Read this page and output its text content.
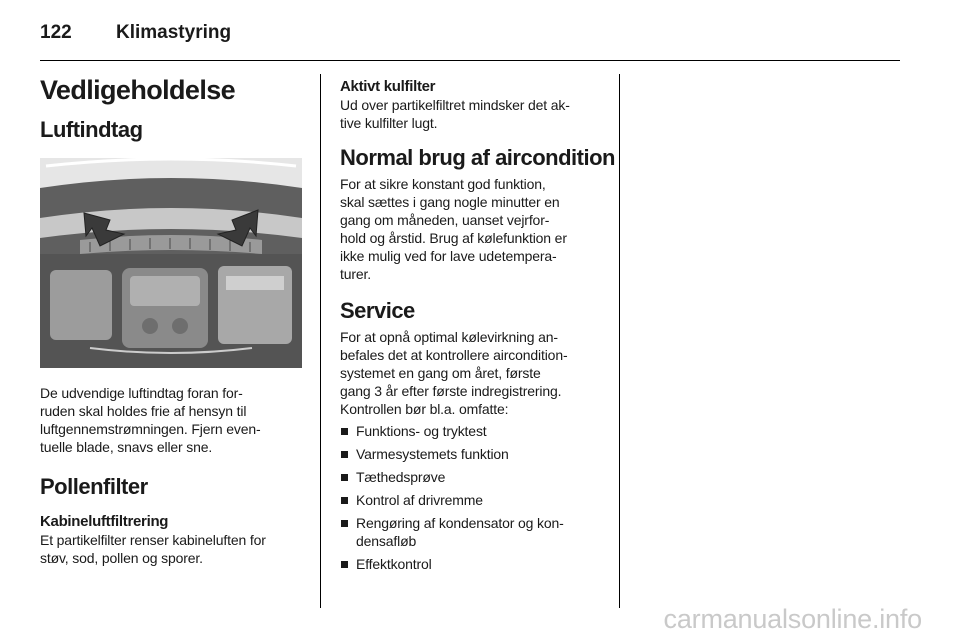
122 Klimastyring
Vedligeholdelse
Luftindtag

De udvendige luftindtag foran for-
ruden skal holdes frie af hensyn til
luftgennemstrømningen. Fjern even-
tuelle blade, snavs eller sne.

Pollenfilter
Kabineluftfiltrering

Et partikelfilter renser kabineluften for
støv, sod, pollen og sporer.

Aktivt kulfilter

Ud over partikelfiltret mindsker det ak-
tive kulfilter lugt.

Normal brug af aircondition

For at sikre konstant god funktion,
skal sættes i gang nogle minutter en
gang om måneden, uanset vejrfor-
hold og årstid. Brug af kølefunktion er
ikke mulig ved for lave udetempera-
turer.

Service

For at opnå optimal kølevirkning an-
befales det at kontrollere aircondition-
systemet en gang om året, første
gang 3 år efter første indregistrering.
Kontrollen bør bl.a. omfatte:

Funktions- og tryktest
Varmesystemets funktion
Tæthedsprøve
Kontrol af drivremme
Rengøring af kondensator og kon-
densafløb
Effektkontrol
carmanualsonline.info
